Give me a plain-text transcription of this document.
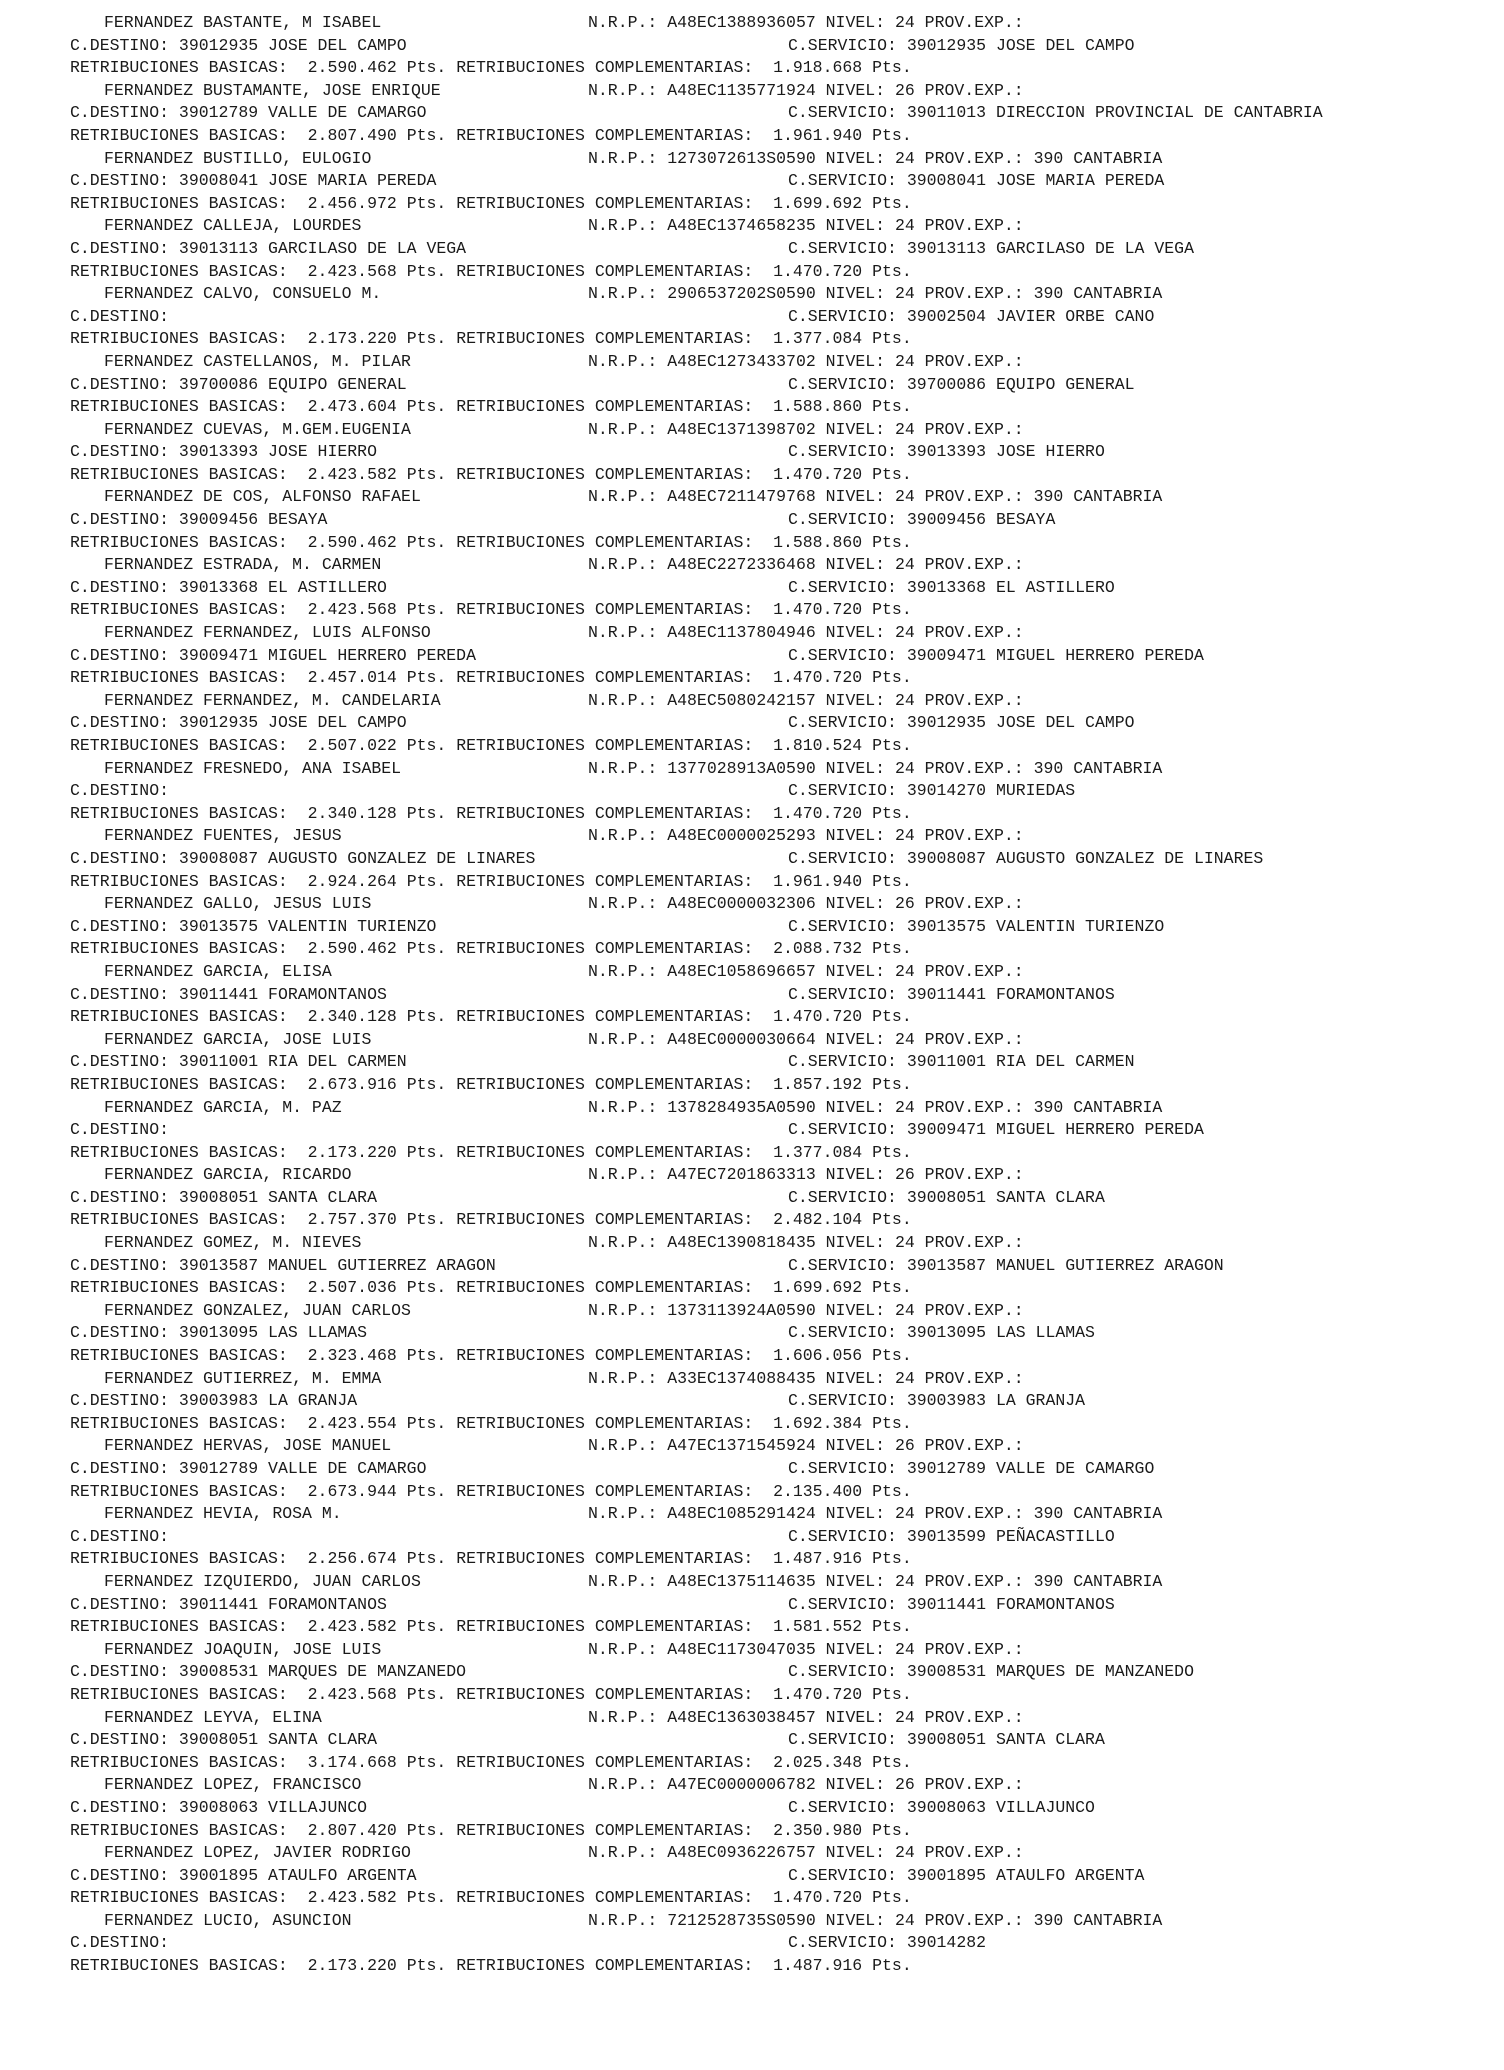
FERNANDEZ BASTANTE, M ISABEL

	N.R.P.: A48EC1388936057 NIVEL: 24 PROV.EXP.:

C.DESTINO: 39012935 JOSE DEL CAMPO

	C.SERVICIO: 39012935 JOSE DEL CAMPO

RETRIBUCIONES BASICAS: 2.590.462 Pts. RETRIBUCIONES COMPLEMENTARIAS: 1.918.668 Pts.

FERNANDEZ BUSTAMANTE, JOSE ENRIQUE

	N.R.P.: A48EC1135771924 NIVEL: 26 PROV.EXP.:

C.DESTINO: 39012789 VALLE DE CAMARGO

	C.SERVICIO: 39011013 DIRECCION PROVINCIAL DE CANTABRIA

RETRIBUCIONES BASICAS: 2.807.490 Pts. RETRIBUCIONES COMPLEMENTARIAS: 1.961.940 Pts.

FERNANDEZ BUSTILLO, EULOGIO

	N.R.P.: 1273072613S0590 NIVEL: 24 PROV.EXP.: 390 CANTABRIA

C.DESTINO: 39008041 JOSE MARIA PEREDA

	C.SERVICIO: 39008041 JOSE MARIA PEREDA

RETRIBUCIONES BASICAS: 2.456.972 Pts. RETRIBUCIONES COMPLEMENTARIAS: 1.699.692 Pts.

FERNANDEZ CALLEJA, LOURDES

	N.R.P.: A48EC1374658235 NIVEL: 24 PROV.EXP.:

C.DESTINO: 39013113 GARCILASO DE LA VEGA

	C.SERVICIO: 39013113 GARCILASO DE LA VEGA

RETRIBUCIONES BASICAS: 2.423.568 Pts. RETRIBUCIONES COMPLEMENTARIAS: 1.470.720 Pts.

FERNANDEZ CALVO, CONSUELO M.

	N.R.P.: 2906537202S0590 NIVEL: 24 PROV.EXP.: 390 CANTABRIA

C.DESTINO:

	C.SERVICIO: 39002504 JAVIER ORBE CANO

RETRIBUCIONES BASICAS: 2.173.220 Pts. RETRIBUCIONES COMPLEMENTARIAS: 1.377.084 Pts.

FERNANDEZ CASTELLANOS, M. PILAR

	N.R.P.: A48EC1273433702 NIVEL: 24 PROV.EXP.:

C.DESTINO: 39700086 EQUIPO GENERAL

	C.SERVICIO: 39700086 EQUIPO GENERAL

RETRIBUCIONES BASICAS: 2.473.604 Pts. RETRIBUCIONES COMPLEMENTARIAS: 1.588.860 Pts.

FERNANDEZ CUEVAS, M.GEM.EUGENIA

	N.R.P.: A48EC1371398702 NIVEL: 24 PROV.EXP.:

C.DESTINO: 39013393 JOSE HIERRO

	C.SERVICIO: 39013393 JOSE HIERRO

RETRIBUCIONES BASICAS: 2.423.582 Pts. RETRIBUCIONES COMPLEMENTARIAS: 1.470.720 Pts.

FERNANDEZ DE COS, ALFONSO RAFAEL

	N.R.P.: A48EC7211479768 NIVEL: 24 PROV.EXP.: 390 CANTABRIA

C.DESTINO: 39009456 BESAYA

	C.SERVICIO: 39009456 BESAYA

RETRIBUCIONES BASICAS: 2.590.462 Pts. RETRIBUCIONES COMPLEMENTARIAS: 1.588.860 Pts.

FERNANDEZ ESTRADA, M. CARMEN

	N.R.P.: A48EC2272336468 NIVEL: 24 PROV.EXP.:

C.DESTINO: 39013368 EL ASTILLERO

	C.SERVICIO: 39013368 EL ASTILLERO

RETRIBUCIONES BASICAS: 2.423.568 Pts. RETRIBUCIONES COMPLEMENTARIAS: 1.470.720 Pts.

FERNANDEZ FERNANDEZ, LUIS ALFONSO

	N.R.P.: A48EC1137804946 NIVEL: 24 PROV.EXP.:

C.DESTINO: 39009471 MIGUEL HERRERO PEREDA

	C.SERVICIO: 39009471 MIGUEL HERRERO PEREDA

RETRIBUCIONES BASICAS: 2.457.014 Pts. RETRIBUCIONES COMPLEMENTARIAS: 1.470.720 Pts.

FERNANDEZ FERNANDEZ, M. CANDELARIA

	N.R.P.: A48EC5080242157 NIVEL: 24 PROV.EXP.:

C.DESTINO: 39012935 JOSE DEL CAMPO

	C.SERVICIO: 39012935 JOSE DEL CAMPO

RETRIBUCIONES BASICAS: 2.507.022 Pts. RETRIBUCIONES COMPLEMENTARIAS: 1.810.524 Pts.

FERNANDEZ FRESNEDO, ANA ISABEL

	N.R.P.: 1377028913A0590 NIVEL: 24 PROV.EXP.: 390 CANTABRIA

C.DESTINO:

	C.SERVICIO: 39014270 MURIEDAS

RETRIBUCIONES BASICAS: 2.340.128 Pts. RETRIBUCIONES COMPLEMENTARIAS: 1.470.720 Pts.

FERNANDEZ FUENTES, JESUS

	N.R.P.: A48EC0000025293 NIVEL: 24 PROV.EXP.:

C.DESTINO: 39008087 AUGUSTO GONZALEZ DE LINARES

	C.SERVICIO: 39008087 AUGUSTO GONZALEZ DE LINARES

RETRIBUCIONES BASICAS: 2.924.264 Pts. RETRIBUCIONES COMPLEMENTARIAS: 1.961.940 Pts.

FERNANDEZ GALLO, JESUS LUIS

	N.R.P.: A48EC0000032306 NIVEL: 26 PROV.EXP.:

C.DESTINO: 39013575 VALENTIN TURIENZO

	C.SERVICIO: 39013575 VALENTIN TURIENZO

RETRIBUCIONES BASICAS: 2.590.462 Pts. RETRIBUCIONES COMPLEMENTARIAS: 2.088.732 Pts.

FERNANDEZ GARCIA, ELISA

	N.R.P.: A48EC1058696657 NIVEL: 24 PROV.EXP.:

C.DESTINO: 39011441 FORAMONTANOS

	C.SERVICIO: 39011441 FORAMONTANOS

RETRIBUCIONES BASICAS: 2.340.128 Pts. RETRIBUCIONES COMPLEMENTARIAS: 1.470.720 Pts.

FERNANDEZ GARCIA, JOSE LUIS

	N.R.P.: A48EC0000030664 NIVEL: 24 PROV.EXP.:

C.DESTINO: 39011001 RIA DEL CARMEN

	C.SERVICIO: 39011001 RIA DEL CARMEN

RETRIBUCIONES BASICAS: 2.673.916 Pts. RETRIBUCIONES COMPLEMENTARIAS: 1.857.192 Pts.

FERNANDEZ GARCIA, M. PAZ

	N.R.P.: 1378284935A0590 NIVEL: 24 PROV.EXP.: 390 CANTABRIA

C.DESTINO:

	C.SERVICIO: 39009471 MIGUEL HERRERO PEREDA

RETRIBUCIONES BASICAS: 2.173.220 Pts. RETRIBUCIONES COMPLEMENTARIAS: 1.377.084 Pts.

FERNANDEZ GARCIA, RICARDO

	N.R.P.: A47EC7201863313 NIVEL: 26 PROV.EXP.:

C.DESTINO: 39008051 SANTA CLARA

	C.SERVICIO: 39008051 SANTA CLARA

RETRIBUCIONES BASICAS: 2.757.370 Pts. RETRIBUCIONES COMPLEMENTARIAS: 2.482.104 Pts.

FERNANDEZ GOMEZ, M. NIEVES

	N.R.P.: A48EC1390818435 NIVEL: 24 PROV.EXP.:

C.DESTINO: 39013587 MANUEL GUTIERREZ ARAGON

	C.SERVICIO: 39013587 MANUEL GUTIERREZ ARAGON

RETRIBUCIONES BASICAS: 2.507.036 Pts. RETRIBUCIONES COMPLEMENTARIAS: 1.699.692 Pts.

FERNANDEZ GONZALEZ, JUAN CARLOS

	N.R.P.: 1373113924A0590 NIVEL: 24 PROV.EXP.:

C.DESTINO: 39013095 LAS LLAMAS

	C.SERVICIO: 39013095 LAS LLAMAS

RETRIBUCIONES BASICAS: 2.323.468 Pts. RETRIBUCIONES COMPLEMENTARIAS: 1.606.056 Pts.

FERNANDEZ GUTIERREZ, M. EMMA

	N.R.P.: A33EC1374088435 NIVEL: 24 PROV.EXP.:

C.DESTINO: 39003983 LA GRANJA

	C.SERVICIO: 39003983 LA GRANJA

RETRIBUCIONES BASICAS: 2.423.554 Pts. RETRIBUCIONES COMPLEMENTARIAS: 1.692.384 Pts.

FERNANDEZ HERVAS, JOSE MANUEL

	N.R.P.: A47EC1371545924 NIVEL: 26 PROV.EXP.:

C.DESTINO: 39012789 VALLE DE CAMARGO

	C.SERVICIO: 39012789 VALLE DE CAMARGO

RETRIBUCIONES BASICAS: 2.673.944 Pts. RETRIBUCIONES COMPLEMENTARIAS: 2.135.400 Pts.

FERNANDEZ HEVIA, ROSA M.

	N.R.P.: A48EC1085291424 NIVEL: 24 PROV.EXP.: 390 CANTABRIA

C.DESTINO:

	C.SERVICIO: 39013599 PEÑACASTILLO

RETRIBUCIONES BASICAS: 2.256.674 Pts. RETRIBUCIONES COMPLEMENTARIAS: 1.487.916 Pts.

FERNANDEZ IZQUIERDO, JUAN CARLOS

	N.R.P.: A48EC1375114635 NIVEL: 24 PROV.EXP.: 390 CANTABRIA

C.DESTINO: 39011441 FORAMONTANOS

	C.SERVICIO: 39011441 FORAMONTANOS

RETRIBUCIONES BASICAS: 2.423.582 Pts. RETRIBUCIONES COMPLEMENTARIAS: 1.581.552 Pts.

FERNANDEZ JOAQUIN, JOSE LUIS

	N.R.P.: A48EC1173047035 NIVEL: 24 PROV.EXP.:

C.DESTINO: 39008531 MARQUES DE MANZANEDO

	C.SERVICIO: 39008531 MARQUES DE MANZANEDO

RETRIBUCIONES BASICAS: 2.423.568 Pts. RETRIBUCIONES COMPLEMENTARIAS: 1.470.720 Pts.

FERNANDEZ LEYVA, ELINA

	N.R.P.: A48EC1363038457 NIVEL: 24 PROV.EXP.:

C.DESTINO: 39008051 SANTA CLARA

	C.SERVICIO: 39008051 SANTA CLARA

RETRIBUCIONES BASICAS: 3.174.668 Pts. RETRIBUCIONES COMPLEMENTARIAS: 2.025.348 Pts.

FERNANDEZ LOPEZ, FRANCISCO

	N.R.P.: A47EC0000006782 NIVEL: 26 PROV.EXP.:

C.DESTINO: 39008063 VILLAJUNCO

	C.SERVICIO: 39008063 VILLAJUNCO

RETRIBUCIONES BASICAS: 2.807.420 Pts. RETRIBUCIONES COMPLEMENTARIAS: 2.350.980 Pts.

FERNANDEZ LOPEZ, JAVIER RODRIGO

	N.R.P.: A48EC0936226757 NIVEL: 24 PROV.EXP.:

C.DESTINO: 39001895 ATAULFO ARGENTA

	C.SERVICIO: 39001895 ATAULFO ARGENTA

RETRIBUCIONES BASICAS: 2.423.582 Pts. RETRIBUCIONES COMPLEMENTARIAS: 1.470.720 Pts.

FERNANDEZ LUCIO, ASUNCION

	N.R.P.: 7212528735S0590 NIVEL: 24 PROV.EXP.: 390 CANTABRIA

C.DESTINO:

	C.SERVICIO: 39014282

RETRIBUCIONES BASICAS: 2.173.220 Pts. RETRIBUCIONES COMPLEMENTARIAS: 1.487.916 Pts.
